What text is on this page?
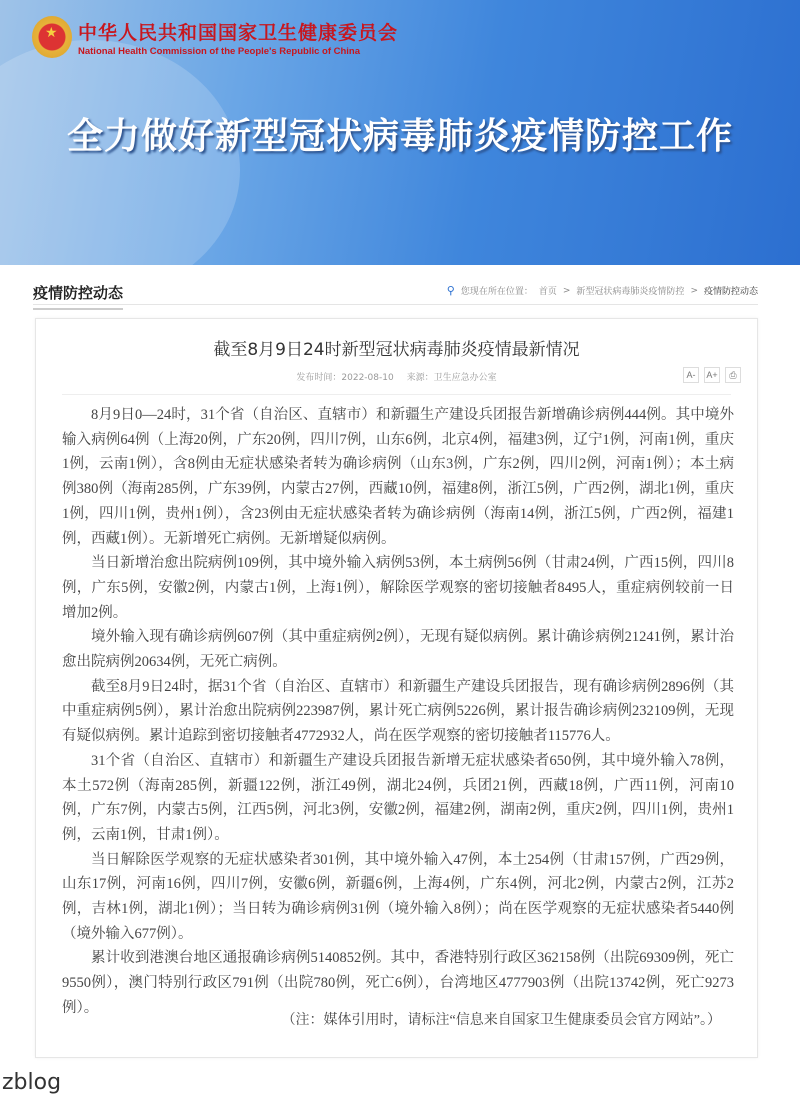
★ 中华人民共和国国家卫生健康委员会
National Health Commission of the People's Republic of China
全力做好新型冠状病毒肺炎疫情防控工作
疫情防控动态	⚲ 您现在所在位置： 首页 > 新型冠状病毒肺炎疫情防控 > 疫情防控动态
截至8月9日24时新型冠状病毒肺炎疫情最新情况
发布时间：2022-08-10 来源：卫生应急办公室	A-	A+	⎙

8月9日0—24时，31个省（自治区、直辖市）和新疆生产建设兵团报告新增确诊病例444例。其中境外输入病例64例（上海20例，广东20例，四川7例，山东6例，北京4例，福建3例，辽宁1例，河南1例，重庆1例，云南1例），含8例由无症状感染者转为确诊病例（山东3例，广东2例，四川2例，河南1例）；本土病例380例（海南285例，广东39例，内蒙古27例，西藏10例，福建8例，浙江5例，广西2例，湖北1例，重庆1例，四川1例，贵州1例），含23例由无症状感染者转为确诊病例（海南14例，浙江5例，广西2例，福建1例，西藏1例）。无新增死亡病例。无新增疑似病例。

当日新增治愈出院病例109例，其中境外输入病例53例，本土病例56例（甘肃24例，广西15例，四川8例，广东5例，安徽2例，内蒙古1例，上海1例），解除医学观察的密切接触者8495人，重症病例较前一日增加2例。

境外输入现有确诊病例607例（其中重症病例2例），无现有疑似病例。累计确诊病例21241例，累计治愈出院病例20634例，无死亡病例。

截至8月9日24时，据31个省（自治区、直辖市）和新疆生产建设兵团报告，现有确诊病例2896例（其中重症病例5例），累计治愈出院病例223987例，累计死亡病例5226例，累计报告确诊病例232109例，无现有疑似病例。累计追踪到密切接触者4772932人，尚在医学观察的密切接触者115776人。

31个省（自治区、直辖市）和新疆生产建设兵团报告新增无症状感染者650例，其中境外输入78例，本土572例（海南285例，新疆122例，浙江49例，湖北24例，兵团21例，西藏18例，广西11例，河南10例，广东7例，内蒙古5例，江西5例，河北3例，安徽2例，福建2例，湖南2例，重庆2例，四川1例，贵州1例，云南1例，甘肃1例）。

当日解除医学观察的无症状感染者301例，其中境外输入47例，本土254例（甘肃157例，广西29例，山东17例，河南16例，四川7例，安徽6例，新疆6例，上海4例，广东4例，河北2例，内蒙古2例，江苏2例，吉林1例，湖北1例）；当日转为确诊病例31例（境外输入8例）；尚在医学观察的无症状感染者5440例（境外输入677例）。

累计收到港澳台地区通报确诊病例5140852例。其中，香港特别行政区362158例（出院69309例，死亡9550例），澳门特别行政区791例（出院780例，死亡6例），台湾地区4777903例（出院13742例，死亡9273例）。

（注：媒体引用时，请标注“信息来自国家卫生健康委员会官方网站”。）
zblog
